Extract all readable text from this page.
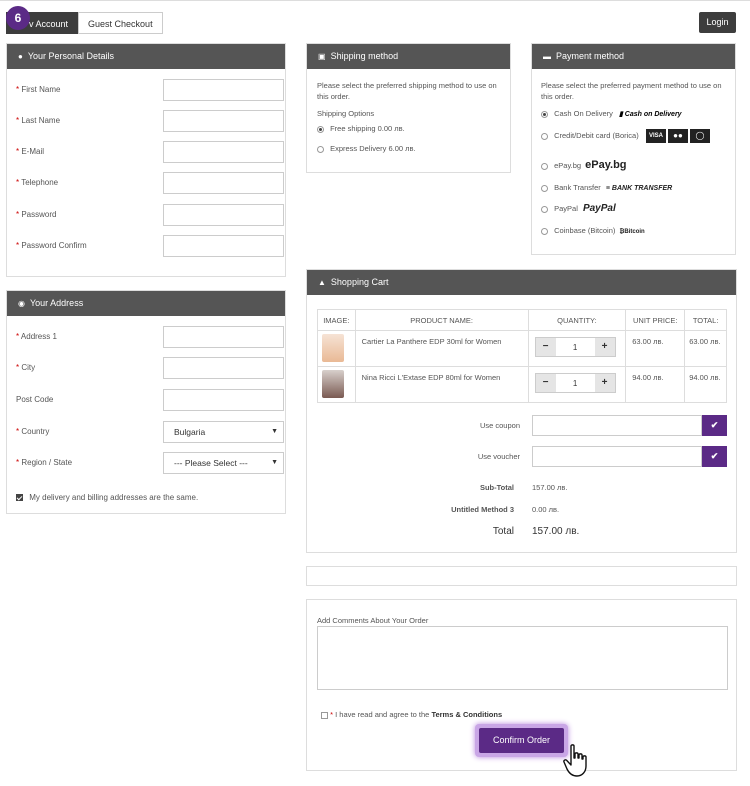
v Account	Guest Checkout
6	Login
● Your Personal Details
* First Name
* Last Name
* E-Mail
* Telephone
* Password
* Password Confirm
◉ Your Address
* Address 1
* City
Post Code
* Country	Bulgaria	▼
* Region / State	--- Please Select ---	▼
My delivery and billing addresses are the same.
▣ Shipping method
Please select the preferred shipping method to use on this order.
Shipping Options
Free shipping 0.00 лв.
Express Delivery 6.00 лв.
▬ Payment method
Please select the preferred payment method to use on this order.
Cash On Delivery ▮ Cash on Delivery
Credit/Debit card (Borica)	VISA	●●	◯
ePay.bg ePay.bg
Bank Transfer ≡ BANK TRANSFER
PayPal PayPal
Coinbase (Bitcoin) ₿Bitcoin
▲ Shopping Cart
IMAGE:	PRODUCT NAME:	QUANTITY:	UNIT PRICE:	TOTAL:

	Cartier La Panthere EDP 30ml for Women	− 1 +	63.00 лв.	63.00 лв.

	Nina Ricci L'Extase EDP 80ml for Women	− 1 +	94.00 лв.	94.00 лв.
Use coupon	✔
Use voucher	✔
Sub-Total 157.00 лв.
Untitled Method 3 0.00 лв.
Total 157.00 лв.
Add Comments About Your Order
* I have read and agree to the Terms & Conditions
Confirm Order
